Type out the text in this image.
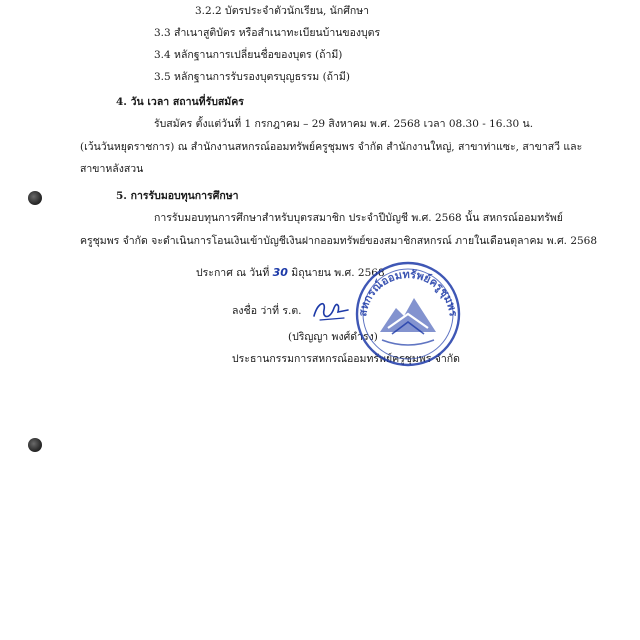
3.2.2 บัตรประจำตัวนักเรียน, นักศึกษา
3.3 สำเนาสูติบัตร หรือสำเนาทะเบียนบ้านของบุตร
3.4 หลักฐานการเปลี่ยนชื่อของบุตร (ถ้ามี)
3.5 หลักฐานการรับรองบุตรบุญธรรม (ถ้ามี)
4. วัน เวลา สถานที่รับสมัคร
รับสมัคร ตั้งแต่วันที่ 1 กรกฎาคม – 29 สิงหาคม พ.ศ. 2568 เวลา 08.30 - 16.30 น.
(เว้นวันหยุดราชการ) ณ สำนักงานสหกรณ์ออมทรัพย์ครูชุมพร จำกัด สำนักงานใหญ่, สาขาท่าแซะ, สาขาสวี และ
สาขาหลังสวน
5. การรับมอบทุนการศึกษา
การรับมอบทุนการศึกษาสำหรับบุตรสมาชิก ประจำปีบัญชี พ.ศ. 2568 นั้น สหกรณ์ออมทรัพย์
ครูชุมพร จำกัด จะดำเนินการโอนเงินเข้าบัญชีเงินฝากออมทรัพย์ของสมาชิกสหกรณ์ ภายในเดือนตุลาคม พ.ศ. 2568
ประกาศ ณ วันที่ 30 มิถุนายน พ.ศ. 2568
ลงชื่อ ว่าที่ ร.ต.
(ปริญญา พงศ์ดำรง)
ประธานกรรมการสหกรณ์ออมทรัพย์ครูชุมพร จำกัด
สหกรณ์ออมทรัพย์ครูชุมพร
